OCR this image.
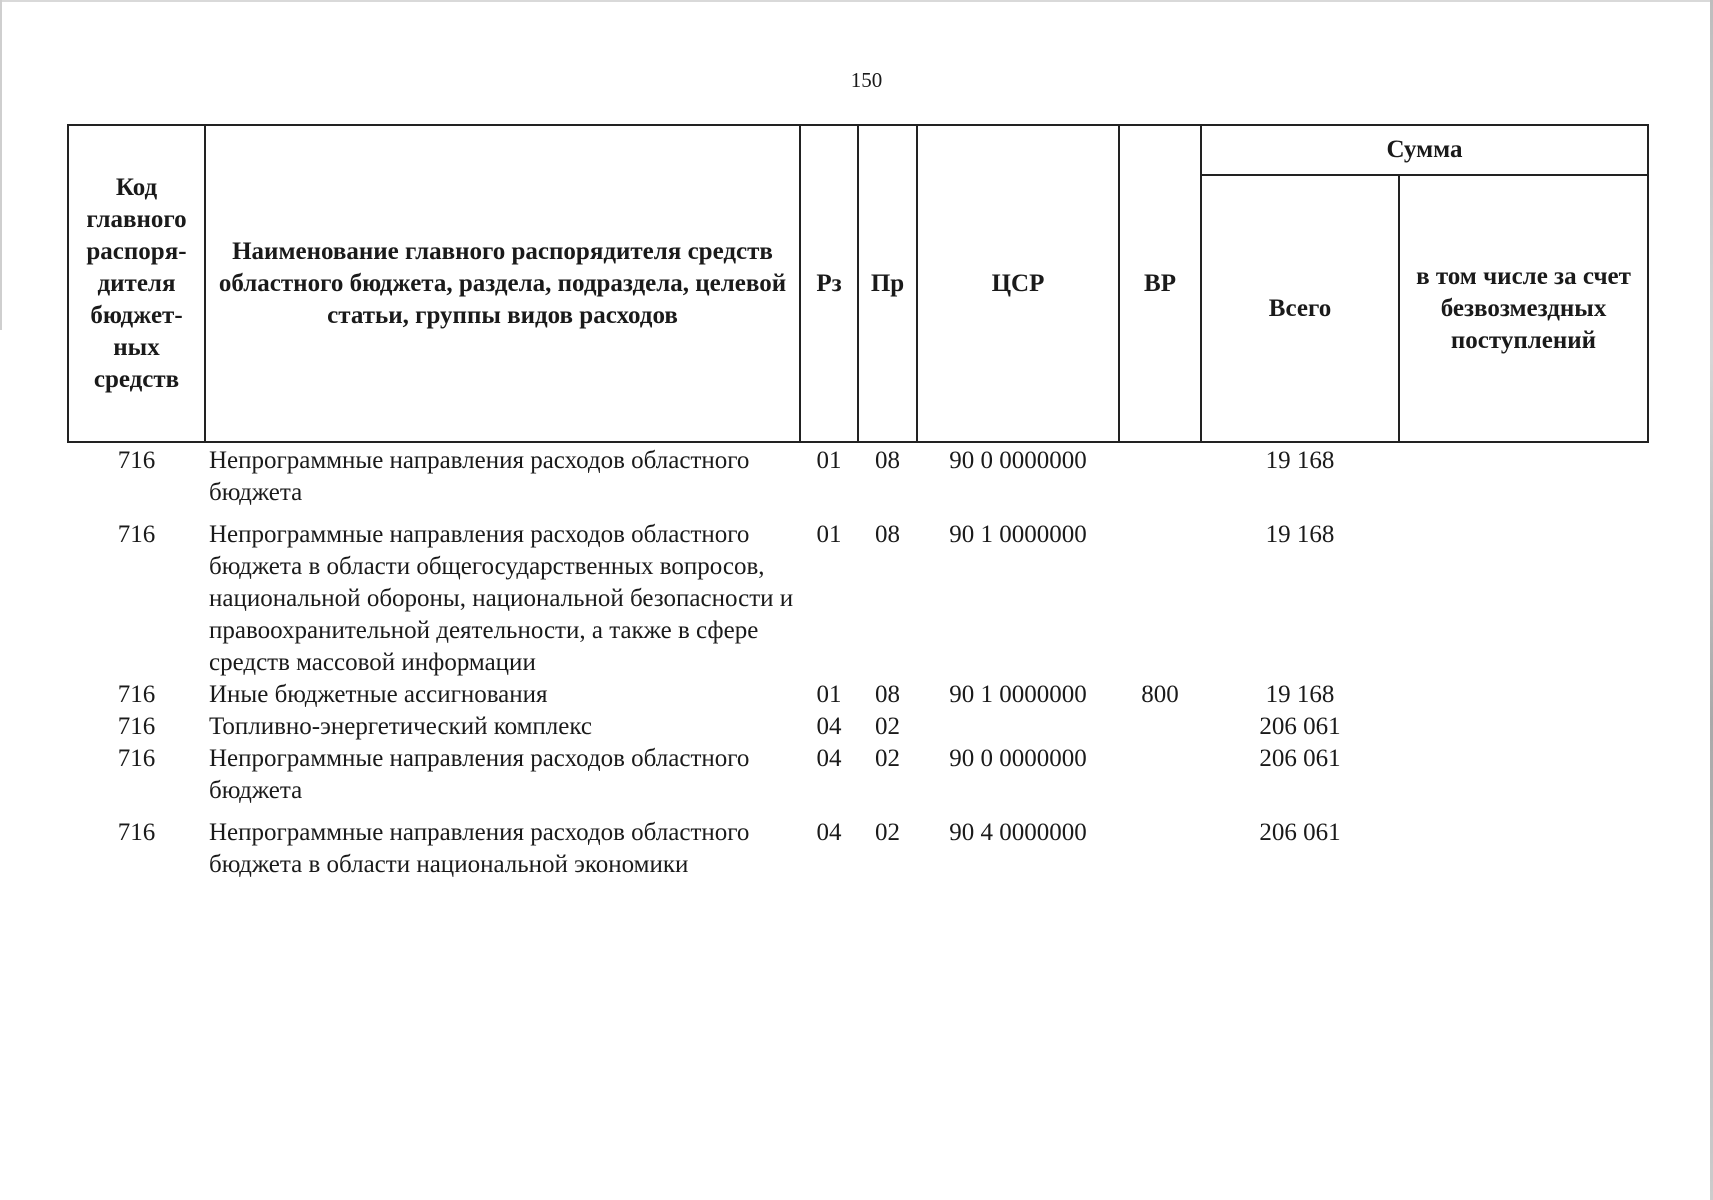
150
Код главного распоря-дителя бюджет-ных средств	Наименование главного распорядителя средств областного бюджета, раздела, подраздела, целевой статьи, группы видов расходов	Рз	Пр	ЦСР	ВР	Сумма	
						Всего	в том числе за счет безвозмездных поступлений
716	Непрограммные направления расходов областного бюджета	01	08	90 0 0000000		19 168	
716	Непрограммные направления расходов областного бюджета в области общегосударственных вопросов, национальной обороны, национальной безопасности и правоохранительной деятельности, а также в сфере средств массовой информации	01	08	90 1 0000000		19 168	
716	Иные бюджетные ассигнования	01	08	90 1 0000000	800	19 168	
716	Топливно-энергетический комплекс	04	02			206 061	
716	Непрограммные направления расходов областного бюджета	04	02	90 0 0000000		206 061	
716	Непрограммные направления расходов областного бюджета в области национальной экономики	04	02	90 4 0000000		206 061	
